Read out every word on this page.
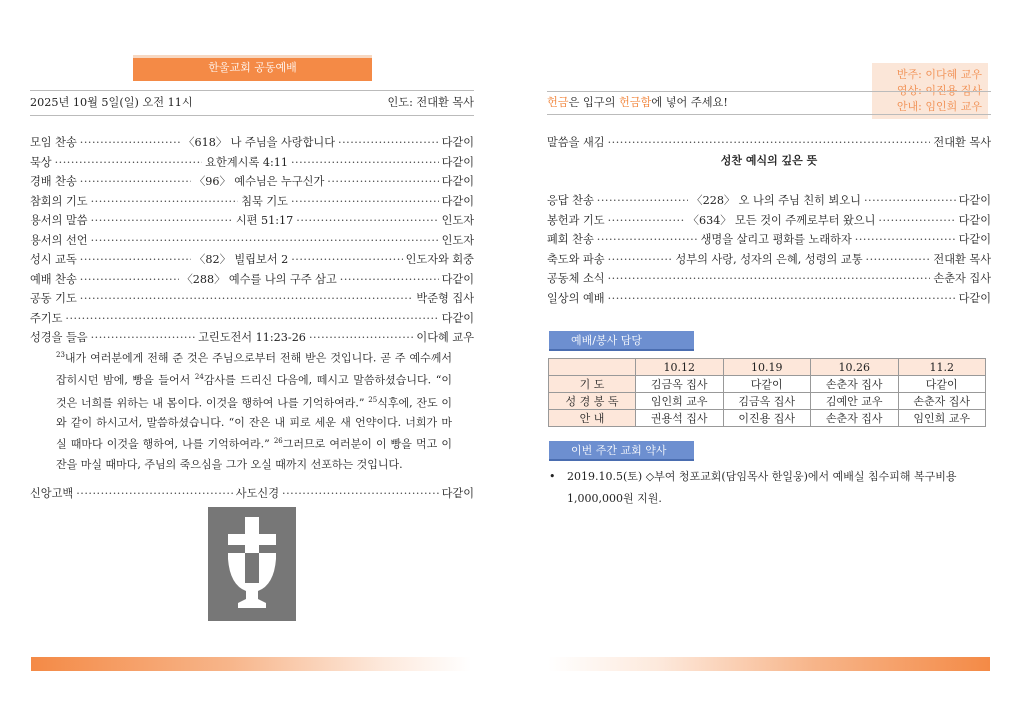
한울교회 공동예배
2025년 10월 5일(일) 오전 11시	인도: 전대환 목사
모임 찬송 ·····	〈618〉 나 주님을 사랑합니다 ·····	다같이
묵상 ·····	요한계시록 4:11 ·····	다같이
경배 찬송 ·····	〈96〉 예수님은 누구신가 ·····	다같이
참회의 기도 ·····	침묵 기도 ·····	다같이
용서의 말씀 ·····	시편 51:17 ·····	인도자
용서의 선언 ·····	인도자
성시 교독 ·····	〈82〉 빌립보서 2 ·····	인도자와 회중
예배 찬송 ·····	〈288〉 예수를 나의 구주 삼고 ·····	다같이
공동 기도 ·····	박준형 집사
주기도 ·····	다같이
성경을 들음 ·····	고린도전서 11:23-26 ·····	이다혜 교우
$^{23}$내가 여러분에게 전해 준 것은 주님으로부터 전해 받은 것입니다. 곧 주 예수께서 잡히시던 밤에, 빵을 들어서 $^{24}$감사를 드리신 다음에, 떼시고 말씀하셨습니다. “이것은 너희를 위하는 내 몸이다. 이것을 행하여 나를 기억하여라.” $^{25}$식후에, 잔도 이와 같이 하시고서, 말씀하셨습니다. “이 잔은 내 피로 세운 새 언약이다. 너희가 마실 때마다 이것을 행하여, 나를 기억하여라.” $^{26}$그러므로 여러분이 이 빵을 먹고 이 잔을 마실 때마다, 주님의 죽으심을 그가 오실 때까지 선포하는 것입니다.
신앙고백 ·····	사도신경 ·····	다같이
반주: 이다혜 교우
영상: 이진용 집사
안내: 임인희 교우
헌금은 입구의 헌금함에 넣어 주세요!
말씀을 새김 ·····	전대환 목사
성찬 예식의 깊은 뜻
응답 찬송 ·····	〈228〉 오 나의 주님 친히 뵈오니 ·····	다같이
봉헌과 기도 ·····	〈634〉 모든 것이 주께로부터 왔으니 ·····	다같이
폐회 찬송 ·····	생명을 살리고 평화를 노래하자 ·····	다같이
축도와 파송 ·····	성부의 사랑, 성자의 은혜, 성령의 교통 ·····	전대환 목사
공동체 소식 ·····	손춘자 집사
일상의 예배 ·····	다같이
예배/봉사 담당
	10.12	10.19	10.26	11.2
기 도	김금옥 집사	다같이	손춘자 집사	다같이
성 경 봉 독	임인희 교우	김금옥 집사	김예안 교우	손춘자 집사
안 내	권용석 집사	이진용 집사	손춘자 집사	임인희 교우
이번 주간 교회 약사
• 2019.10.5(토) ◇부여 청포교회(담임목사 한일웅)에서 예배실 침수피해 복구비용 1,000,000원 지원.
